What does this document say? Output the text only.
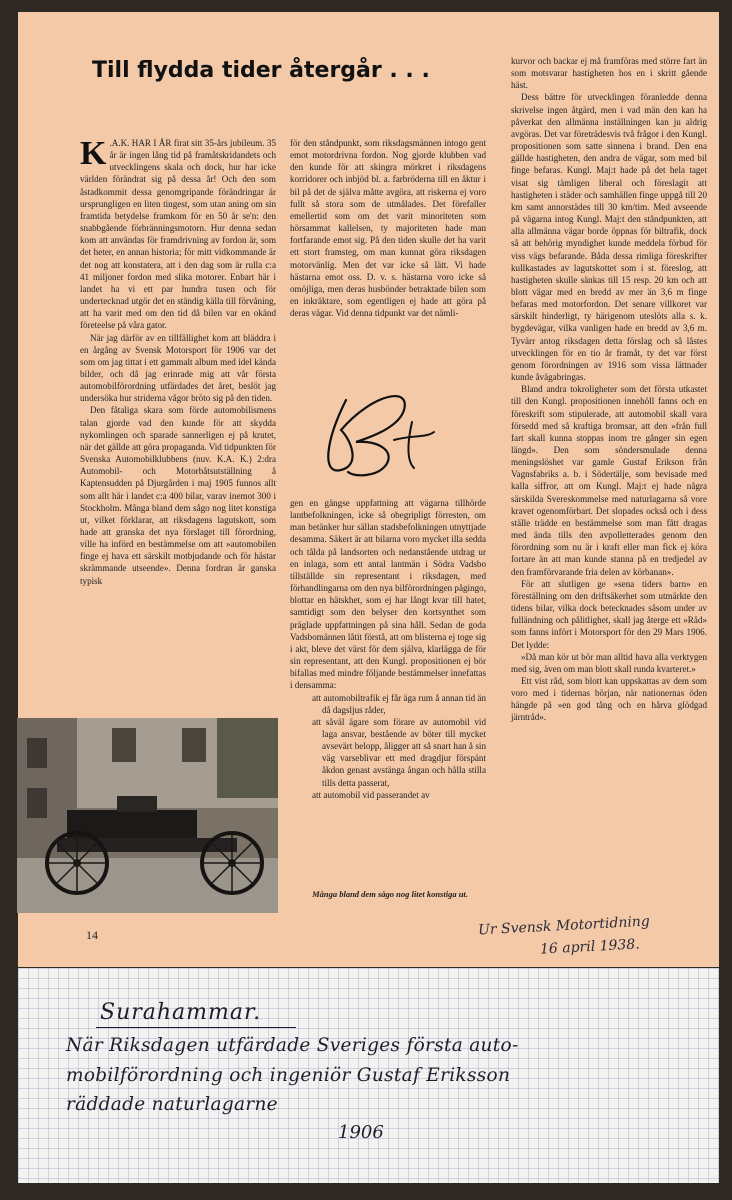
Till flydda tider återgår . . .

K .A.K. HAR I ÅR firat sitt 35-års jubileum. 35 år är ingen lång tid på framåtskridandets och utvecklingens skala och dock, hur har icke världen förändrat sig på dessa år! Och den som åstadkommit dessa genomgripande förändringar är ursprungligen en liten tingest, som utan aning om sin framtida betydelse framkom för en 50 år se'n: den snabbgående förbränningsmotorn. Hur denna sedan kom att användas för framdrivning av fordon är, som det heter, en annan historia; för mitt vidkommande är det nog att konstatera, att i den dag som är rulla c:a 41 miljoner fordon med slika motorer. Enbart här i landet ha vi ett par hundra tusen och för undertecknad utgör det en ständig källa till förvåning, att ha varit med om den tid då bilen var en okänd företeelse på våra gator.

När jag därför av en tillfällighet kom att bläddra i en årgång av Svensk Motorsport för 1906 var det som om jag tittat i ett gammalt album med idel kända bilder, och då jag erinrade mig att vår första automobilförordning utfärdades det året, beslöt jag undersöka hur striderna vågor bröto sig på den tiden.

Den fåtaliga skara som förde automobilismens talan gjorde vad den kunde för att skydda nykomlingen och sparade sannerligen ej på krutet, när det gällde att göra propaganda. Vid tidpunkten för Svenska Automobilklubbens (nuv. K.A. K.) 2:dra Automobil- och Motorbåtsutställning å Kaptensudden på Djurgården i maj 1905 funnos allt som allt här i landet c:a 400 bilar, varav inemot 300 i Stockholm. Många bland dem sågo nog litet konstiga ut, vilket förklarar, att riksdagens lagutskott, som hade att granska det nya förslaget till förordning, ville ha införd en bestämmelse om att »automobilen finge ej hava ett särskilt motbjudande och för hästar skrämmande utseende». Denna fordran är ganska typisk

för den ståndpunkt, som riksdagsmännen intogo gent emot motordrivna fordon. Nog gjorde klubben vad den kunde för att skingra mörkret i riksdagens korridorer och inbjöd bl. a. farbröderna till en åktur i bil på det de själva måtte avgöra, att riskerna ej voro fullt så stora som de utmålades. Det förefaller emellertid som om det varit minoriteten som hörsammat kallelsen, ty majoriteten hade man fortfarande emot sig. På den tiden skulle det ha varit ett stort framsteg, om man kunnat göra riksdagen motorvänlig. Men det var icke så lätt. Vi hade hästarna emot oss. D. v. s. hästarna voro icke så omöjliga, men deras husbönder betraktade bilen som en inkräktare, som egentligen ej hade att göra på deras vägar. Vid denna tidpunkt var det nämli-

gen en gängse uppfattning att vägarna tillhörde lantbefolkningen, icke så obegripligt förresten, om man betänker hur sällan stadsbefolkningen utnyttjade desamma. Säkert är att bilarna voro mycket illa sedda och tålda på landsorten och nedanstående utdrag ur en inlaga, som ett antal lantmän i Södra Vadsbo tillställde sin representant i riksdagen, med förhandlingarna om den nya bilförordningen pågingo, blottar en hätskhet, som ej har långt kvar till hatet, samtidigt som den belyser den kortsynthet som präglade uppfattningen på sina håll. Sedan de goda Vadsbomännen låtit förstå, att om blisterna ej toge sig i akt, bleve det värst för dem själva, klarlägga de för sin representant, att den Kungl. propositionen ej bör bifallas med mindre följande bestämmelser innefattas i densamma:

att automobiltrafik ej får äga rum å annan tid än då dagsljus råder,

att såväl ägare som förare av automobil vid laga ansvar, bestående av böter till mycket avsevärt belopp, åligger att så snart han å sin väg varseblivar ett med dragdjur förspänt åkdon genast avstänga ångan och hålla stilla tills detta passerat,

att automobil vid passerandet av

kurvor och backar ej må framföras med större fart än som motsvarar hastigheten hos en i skritt gående häst.

Dess bättre för utvecklingen föranledde denna skrivelse ingen åtgärd, men i vad män den kan ha påverkat den allmänna inställningen kan ju aldrig avgöras. Det var företrädesvis två frågor i den Kungl. propositionen som satte sinnena i brand. Den ena gällde hastigheten, den andra de vägar, som med bil finge befaras. Kungl. Maj:t hade på det hela taget visat sig tämligen liberal och föreslagit att hastigheten i städer och samhällen finge uppgå till 20 km samt annorstädes till 30 km/tim. Med avseende på vägarna intog Kungl. Maj:t den ståndpunkten, att alla allmänna vägar borde öppnas för biltrafik, dock så att behörig myndighet kunde meddela förbud för viss vägs befarande. Båda dessa rimliga föreskrifter kullkastades av lagutskottet som i st. föreslog, att hastigheten skulle sänkas till 15 resp. 20 km och att blott vägar med en bredd av mer än 3,6 m finge befaras med motorfordon. Det senare villkoret var särskilt hinderligt, ty härigenom uteslöts alla s. k. bygdevägar, vilka vanligen hade en bredd av 3,6 m. Tyvärr antog riksdagen detta förslag och så låstes utvecklingen för en tio år framåt, ty det var först genom förordningen av 1916 som vissa lättnader kunde åvägabringas.

Bland andra tokroligheter som det första utkastet till den Kungl. propositionen innehöll fanns och en föreskrift som stipulerade, att automobil skall vara försedd med så kraftiga bromsar, att den »från full fart skall kunna stoppas inom tre gånger sin egen längd». Den som söndersmulade denna meningslöshet var gamle Gustaf Erikson från Vagnsfabriks a. b. i Södertälje, som bevisade med kalla siffror, att om Kungl. Maj:t ej hade några särskilda Svereskommelse med naturlagarna så vore kravet ogenomförbart. Det slopades också och i dess ställe trädde en bestämmelse som man fått dragas med ända tills den avpolletterades genom den förordning som nu är i kraft eller man fick ej köra fortare än att man kunde stanna på en tredjedel av den framförvarande fria delen av körbanan».

För att slutligen ge »sena tiders barn» en föreställning om den driftsäkerhet som utmärkte den tidens bilar, vilka dock betecknades såsom under av fulländning och pålitlighet, skall jag återge ett »Råd» som fanns infört i Motorsport för den 29 Mars 1906. Det lydde:

»Då man kör ut bör man alltid hava alla verktygen med sig, även om man blott skall runda kvarteret.»

Ett vist råd, som blott kan uppskattas av dem som voro med i tidernas början, när nationernas öden hängde på »en god tång och en hårva glödgad järntråd».

Många bland dem sågo nog litet konstiga ut.
14	Ur Svensk Motortidning
16 april 1938.
Surahammar.
När Riksdagen utfärdade Sveriges första auto-
mobilförordning och ingeniör Gustaf Eriksson
räddade naturlagarne
1906
